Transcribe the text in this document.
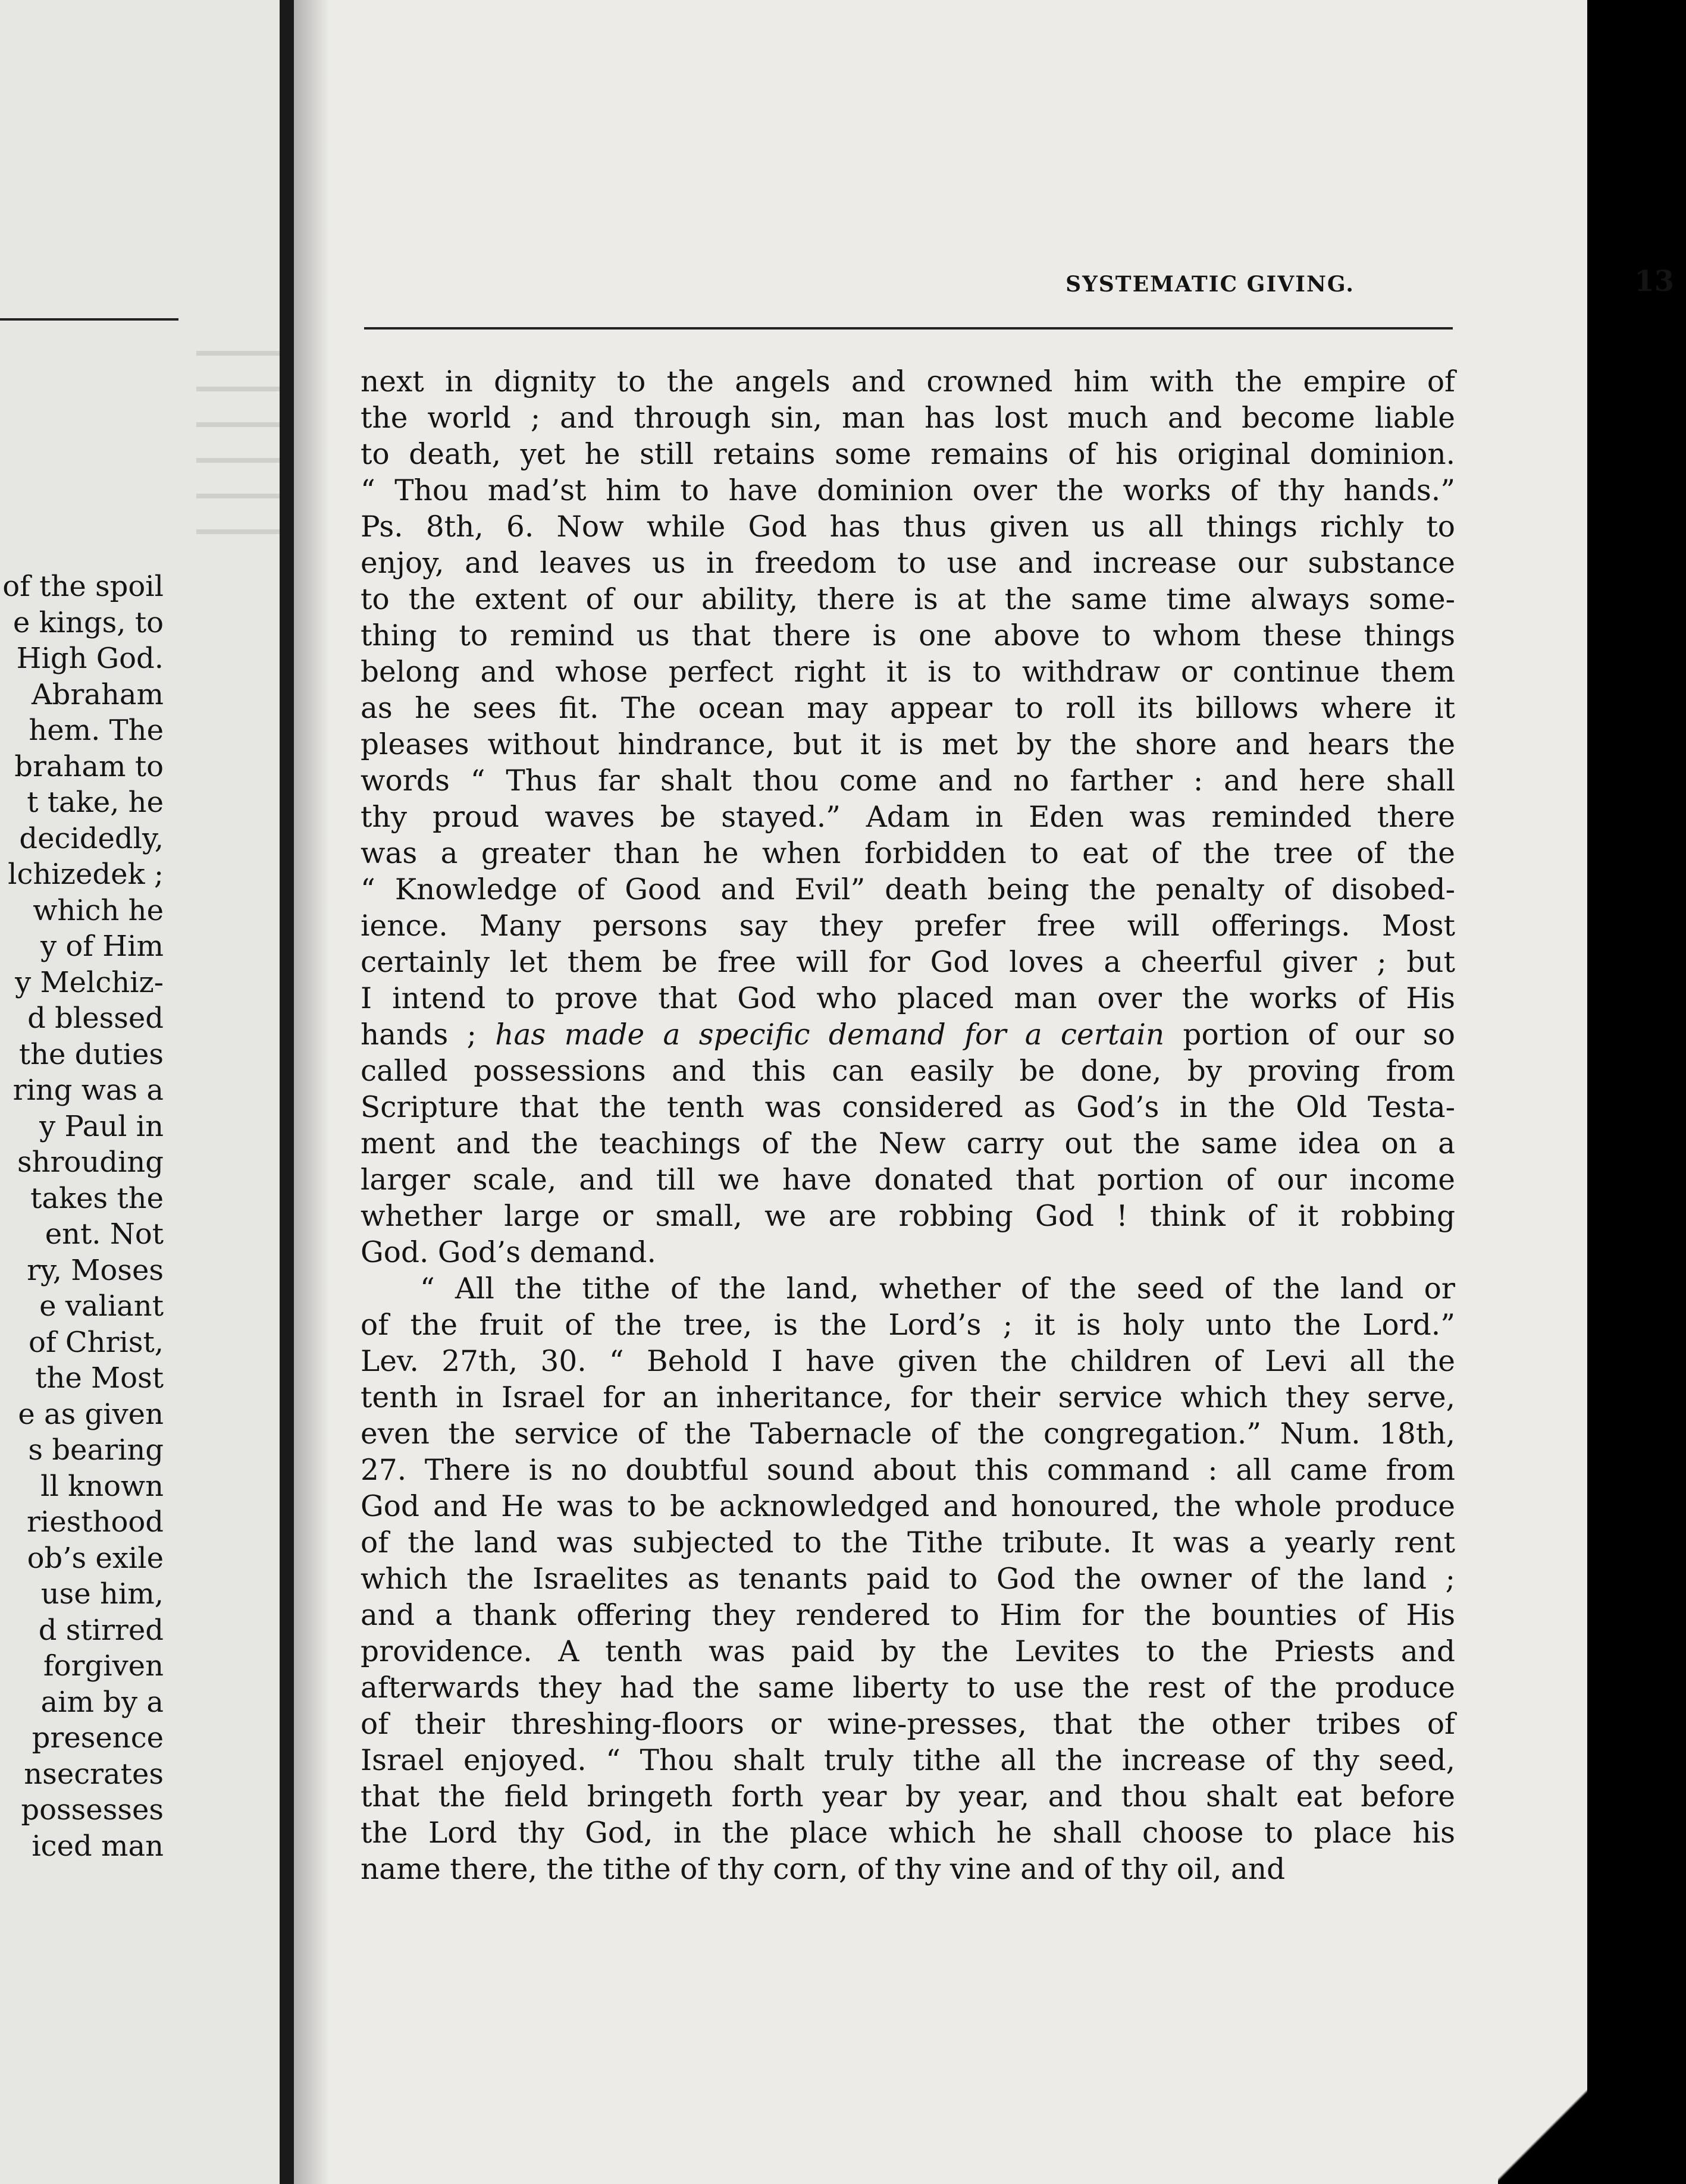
of the spoil
e kings, to
High God.
Abraham
hem. The
braham to
t take, he
decidedly,
lchizedek ;
which he
y of Him
y Melchiz-
d blessed
the duties
ring was a
y Paul in
shrouding
takes the
ent. Not
ry, Moses
e valiant
of Christ,
the Most
e as given
s bearing
ll known
riesthood
ob’s exile
use him,
d stirred
forgiven
aim by a
presence
nsecrates
possesses
iced man
SYSTEMATIC GIVING.	13
next in dignity to the angels and crowned him with the empire of
the world ; and through sin, man has lost much and become liable
to death, yet he still retains some remains of his original dominion.
“ Thou mad’st him to have dominion over the works of thy hands.”
Ps. 8th, 6. Now while God has thus given us all things richly to
enjoy, and leaves us in freedom to use and increase our substance
to the extent of our ability, there is at the same time always some-
thing to remind us that there is one above to whom these things
belong and whose perfect right it is to withdraw or continue them
as he sees fit. The ocean may appear to roll its billows where it
pleases without hindrance, but it is met by the shore and hears the
words “ Thus far shalt thou come and no farther : and here shall
thy proud waves be stayed.” Adam in Eden was reminded there
was a greater than he when forbidden to eat of the tree of the
“ Knowledge of Good and Evil” death being the penalty of disobed-
ience. Many persons say they prefer free will offerings. Most
certainly let them be free will for God loves a cheerful giver ; but
I intend to prove that God who placed man over the works of His
hands ; has made a specific demand for a certain portion of our so
called possessions and this can easily be done, by proving from
Scripture that the tenth was considered as God’s in the Old Testa-
ment and the teachings of the New carry out the same idea on a
larger scale, and till we have donated that portion of our income
whether large or small, we are robbing God ! think of it robbing
God. God’s demand.
“ All the tithe of the land, whether of the seed of the land or
of the fruit of the tree, is the Lord’s ; it is holy unto the Lord.”
Lev. 27th, 30. “ Behold I have given the children of Levi all the
tenth in Israel for an inheritance, for their service which they serve,
even the service of the Tabernacle of the congregation.” Num. 18th,
27. There is no doubtful sound about this command : all came from
God and He was to be acknowledged and honoured, the whole produce
of the land was subjected to the Tithe tribute. It was a yearly rent
which the Israelites as tenants paid to God the owner of the land ;
and a thank offering they rendered to Him for the bounties of His
providence. A tenth was paid by the Levites to the Priests and
afterwards they had the same liberty to use the rest of the produce
of their threshing-floors or wine-presses, that the other tribes of
Israel enjoyed. “ Thou shalt truly tithe all the increase of thy seed,
that the field bringeth forth year by year, and thou shalt eat before
the Lord thy God, in the place which he shall choose to place his
name there, the tithe of thy corn, of thy vine and of thy oil, and
